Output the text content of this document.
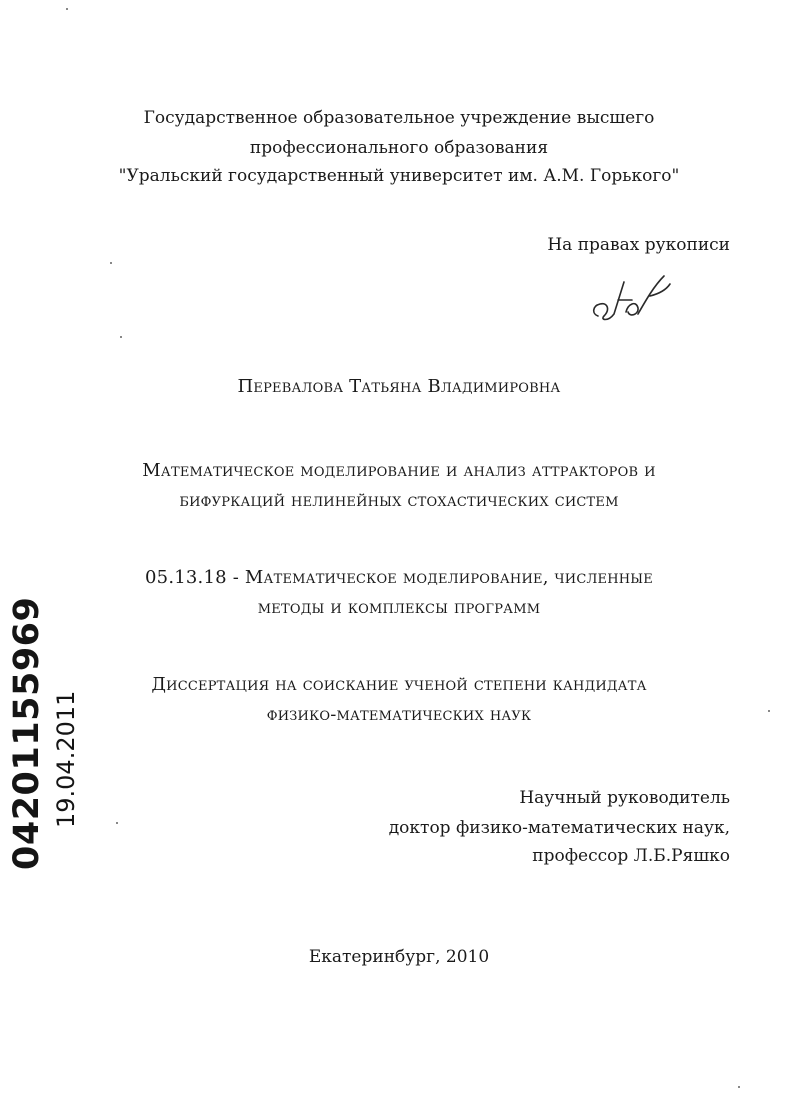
Государственное образовательное учреждение высшего
профессионального образования
"Уральский государственный университет им. А.М. Горького"
На правах рукописи
Перевалова Татьяна Владимировна
Математическое моделирование и анализ аттракторов и
бифуркаций нелинейных стохастических систем
05.13.18 - Математическое моделирование, численные
методы и комплексы программ
Диссертация на соискание ученой степени кандидата
физико-математических наук
Научный руководитель
доктор физико-математических наук,
профессор Л.Б.Ряшко
Екатеринбург, 2010
04201155969 19.04.2011
